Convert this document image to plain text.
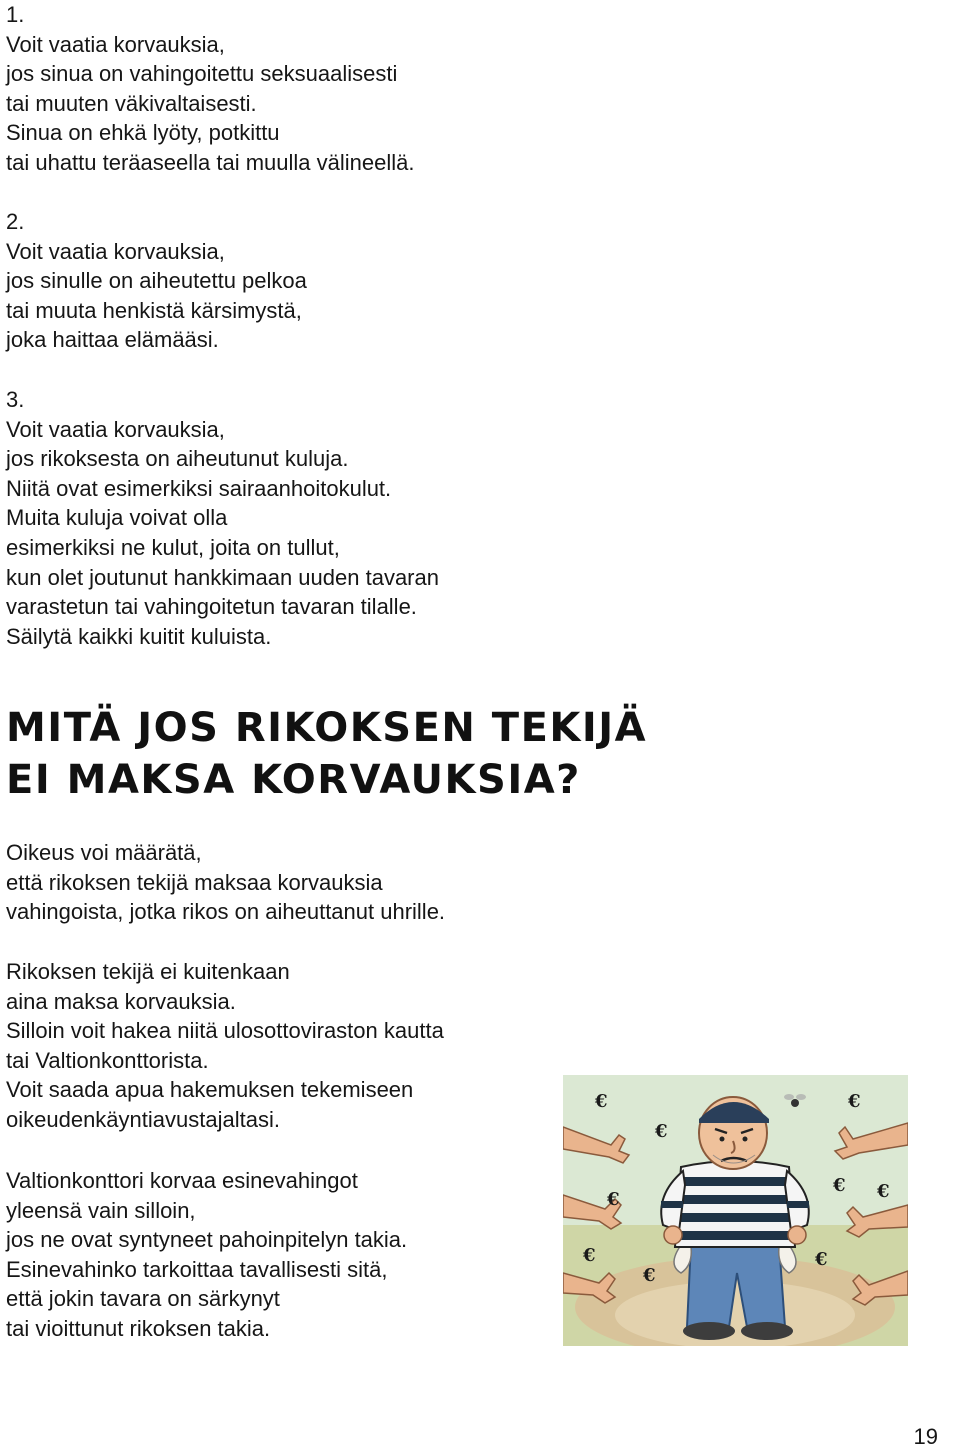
1.
Voit vaatia korvauksia,
jos sinua on vahingoitettu seksuaalisesti
tai muuten väkivaltaisesti.
Sinua on ehkä lyöty, potkittu
tai uhattu teräaseella tai muulla välineellä.
2.
Voit vaatia korvauksia,
jos sinulle on aiheutettu pelkoa
tai muuta henkistä kärsimystä,
joka haittaa elämääsi.
3.
Voit vaatia korvauksia,
jos rikoksesta on aiheutunut kuluja.
Niitä ovat esimerkiksi sairaanhoitokulut.
Muita kuluja voivat olla
esimerkiksi ne kulut, joita on tullut,
kun olet joutunut hankkimaan uuden tavaran
varastetun tai vahingoitetun tavaran tilalle.
Säilytä kaikki kuitit kuluista.
MITÄ JOS RIKOKSEN TEKIJÄ
EI MAKSA KORVAUKSIA?
Oikeus voi määrätä,
että rikoksen tekijä maksaa korvauksia
vahingoista, jotka rikos on aiheuttanut uhrille.
Rikoksen tekijä ei kuitenkaan
aina maksa korvauksia.
Silloin voit hakea niitä ulosottoviraston kautta
tai Valtionkonttorista.
Voit saada apua hakemuksen tekemiseen
oikeudenkäyntiavustajaltasi.
Valtionkonttori korvaa esinevahingot
yleensä vain silloin,
jos ne ovat syntyneet pahoinpitelyn takia.
Esinevahinko tarkoittaa tavallisesti sitä,
että jokin tavara on särkynyt
tai vioittunut rikoksen takia.
€
€
€
€ €
€
€
€
€
19
